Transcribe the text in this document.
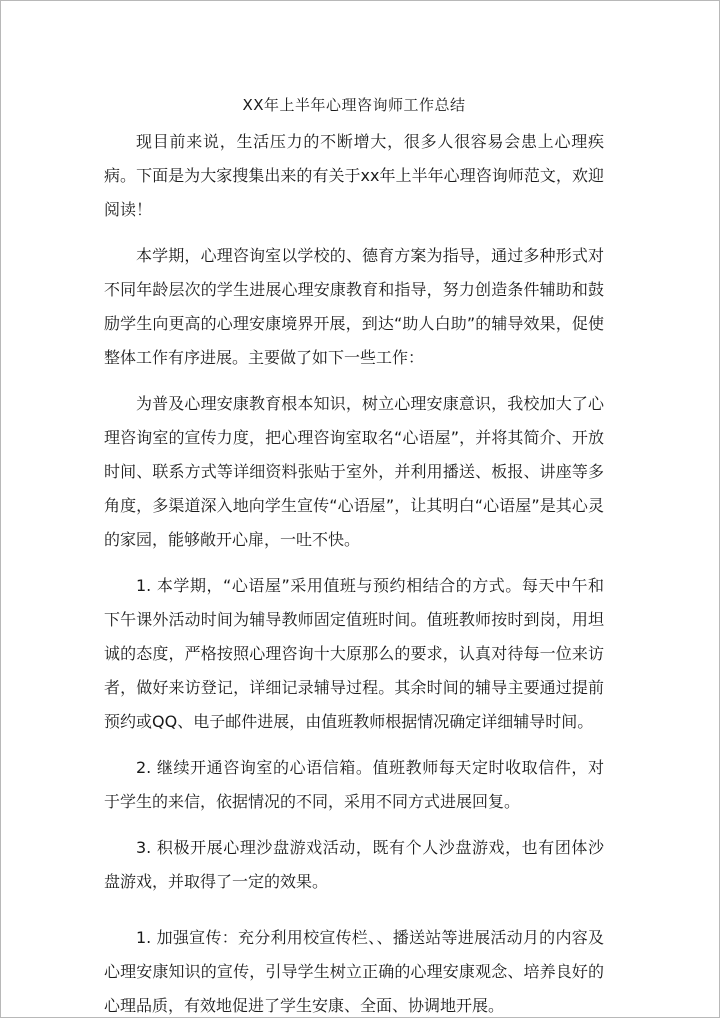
XX年上半年心理咨询师工作总结

现目前来说，生活压力的不断增大，很多人很容易会患上心理疾病。下面是为大家搜集出来的有关于xx年上半年心理咨询师范文，欢迎阅读！

本学期，心理咨询室以学校的、德育方案为指导，通过多种形式对不同年龄层次的学生进展心理安康教育和指导，努力创造条件辅助和鼓励学生向更高的心理安康境界开展，到达“助人白助”的辅导效果，促使整体工作有序进展。主要做了如下一些工作：

为普及心理安康教育根本知识，树立心理安康意识，我校加大了心理咨询室的宣传力度，把心理咨询室取名“心语屋”，并将其简介、开放时间、联系方式等详细资料张贴于室外，并利用播送、板报、讲座等多角度，多渠道深入地向学生宣传“心语屋”，让其明白“心语屋”是其心灵的家园，能够敞开心扉，一吐不快。

1. 本学期，“心语屋”采用值班与预约相结合的方式。每天中午和下午课外活动时间为辅导教师固定值班时间。值班教师按时到岗，用坦诚的态度，严格按照心理咨询十大原那么的要求，认真对待每一位来访者，做好来访登记，详细记录辅导过程。其余时间的辅导主要通过提前预约或QQ、电子邮件进展，由值班教师根据情况确定详细辅导时间。

2. 继续开通咨询室的心语信箱。值班教师每天定时收取信件，对于学生的来信，依据情况的不同，采用不同方式进展回复。

3. 积极开展心理沙盘游戏活动，既有个人沙盘游戏，也有团体沙盘游戏，并取得了一定的效果。

1. 加强宣传：充分利用校宣传栏、、播送站等进展活动月的内容及心理安康知识的宣传，引导学生树立正确的心理安康观念、培养良好的心理品质，有效地促进了学生安康、全面、协调地开展。
